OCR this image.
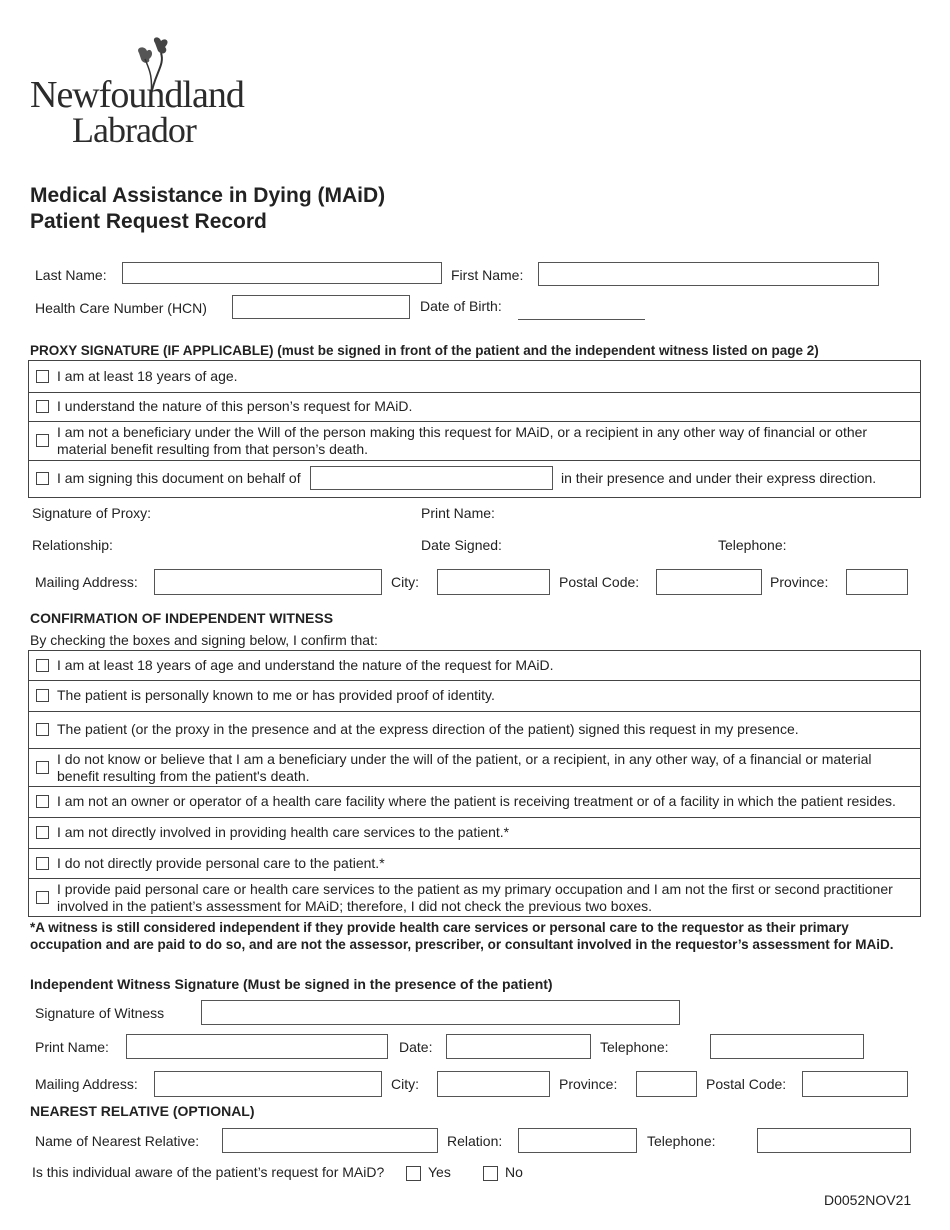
Newfoundland
Labrador
Medical Assistance in Dying (MAiD)
Patient Request Record
Last Name:	First Name:
Health Care Number (HCN)	Date of Birth:
PROXY SIGNATURE (IF APPLICABLE) (must be signed in front of the patient and the independent witness listed on page 2)
I am at least 18 years of age.
I understand the nature of this person’s request for MAiD.
I am not a beneficiary under the Will of the person making this request for MAiD, or a recipient in any other way of financial or other material benefit resulting from that person’s death.
I am signing this document on behalf of	in their presence and under their express direction.
Signature of Proxy:	Print Name:
Relationship:	Date Signed:	Telephone:
Mailing Address:	City:	Postal Code:	Province:
CONFIRMATION OF INDEPENDENT WITNESS
By checking the boxes and signing below, I confirm that:
I am at least 18 years of age and understand the nature of the request for MAiD.
The patient is personally known to me or has provided proof of identity.
The patient (or the proxy in the presence and at the express direction of the patient) signed this request in my presence.
I do not know or believe that I am a beneficiary under the will of the patient, or a recipient, in any other way, of a financial or material benefit resulting from the patient's death.
I am not an owner or operator of a health care facility where the patient is receiving treatment or of a facility in which the patient resides.
I am not directly involved in providing health care services to the patient.*
I do not directly provide personal care to the patient.*
I provide paid personal care or health care services to the patient as my primary occupation and I am not the first or second practitioner involved in the patient’s assessment for MAiD; therefore, I did not check the previous two boxes.
*A witness is still considered independent if they provide health care services or personal care to the requestor as their primary occupation and are paid to do so, and are not the assessor, prescriber, or consultant involved in the requestor’s assessment for MAiD.
Independent Witness Signature (Must be signed in the presence of the patient)
Signature of Witness
Print Name:	Date:	Telephone:
Mailing Address:	City:	Province:	Postal Code:
NEAREST RELATIVE (OPTIONAL)
Name of Nearest Relative:	Relation:	Telephone:
Is this individual aware of the patient’s request for MAiD?	Yes	No
D0052NOV21
